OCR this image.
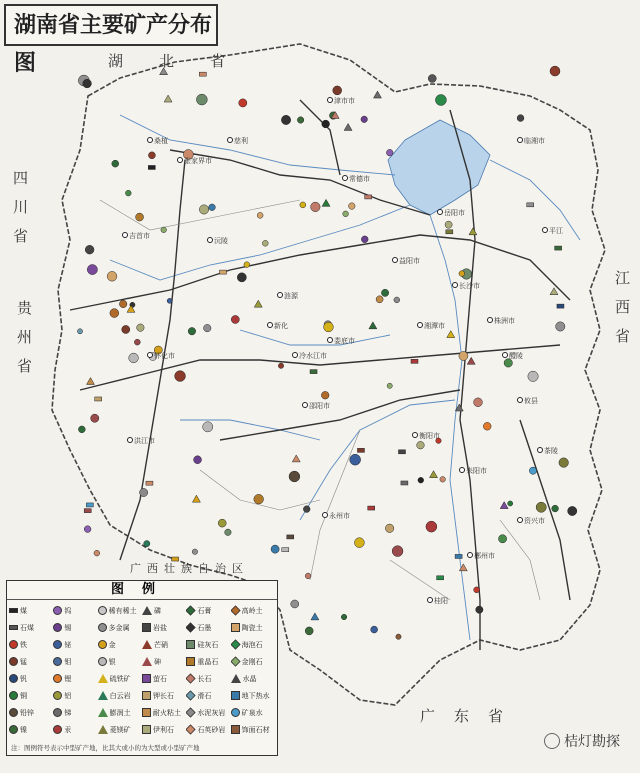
津市市
常德市
岳阳市
临湘市
平江
长沙市
湘潭市
株洲市
娄底市
邵阳市
衡阳市
郴州市
永州市
怀化市
张家界市
吉首市
益阳市
冷水江市
耒阳市
资兴市
慈利
桑植
沅陵
洪江市
新化
涟源
醴陵
攸县
茶陵
桂阳
湖南省主要矿产分布图	湖　　北　　省
四川省
贵州省	江西省
广　东　省
广西壮族自治区
图例
煤	钨	稀有稀土 磷	石膏	高岭土
石煤	锡	多金属	岩盐	石墨	陶瓷土
铁	铋	金	芒硝	硅灰石	海泡石
锰	钼	银	砷	重晶石	金刚石
钒	锂	硫铁矿	萤石	长石	水晶
铜	铝	白云岩	钾长石	滑石	地下热水
铅锌	锑	膨润土	耐火粘土 水泥灰岩 矿泉水
镍	汞	菱镁矿	伊利石	石英砂岩 饰面石材
注：图例符号表示中型矿产地，比其大或小的为大型或小型矿产地	桔灯勘探
